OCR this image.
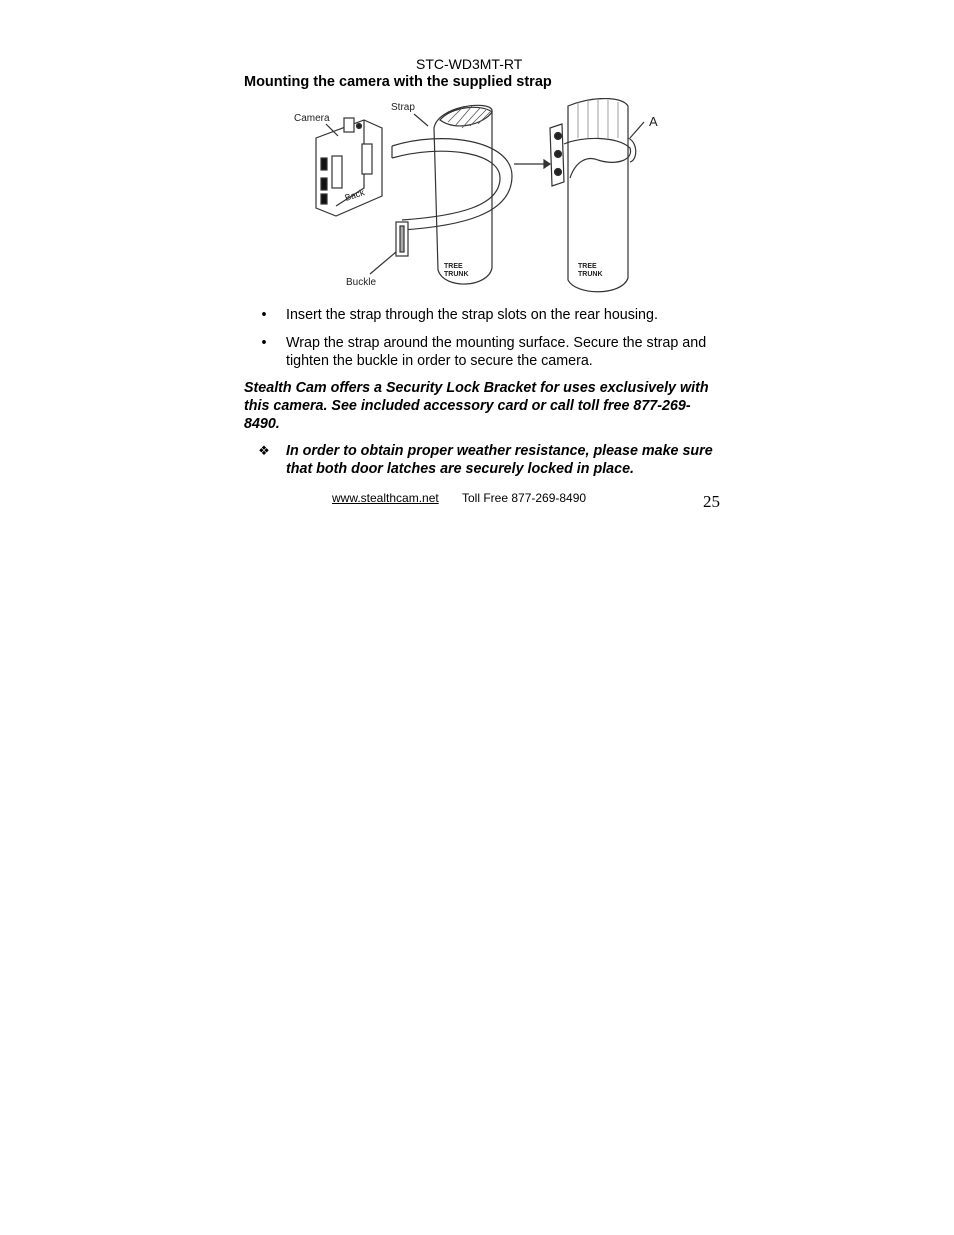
STC-WD3MT-RT
Mounting the camera with the supplied strap
Camera
Strap
Back
Buckle
TREE
TRUNK
TREE
TRUNK
A
•	Insert the strap through the strap slots on the rear housing.
•	Wrap the strap around the mounting surface. Secure the strap and tighten the buckle in order to secure the camera.
Stealth Cam offers a Security Lock Bracket for uses exclusively with this camera. See included accessory card or call toll free 877-269-8490.
❖ In order to obtain proper weather resistance, please make sure that both door latches are securely locked in place.
www.stealthcam.net Toll Free 877-269-8490	25
